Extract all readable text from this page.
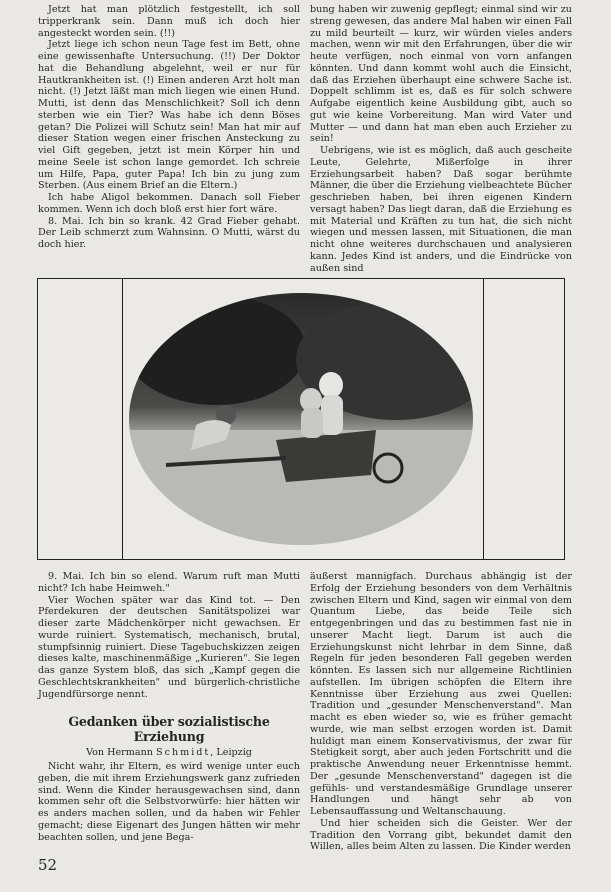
Jetzt hat man plötzlich festgestellt, ich soll tripperkrank sein. Dann muß ich doch hier angesteckt worden sein. (!!)

Jetzt liege ich schon neun Tage fest im Bett, ohne eine gewissenhafte Untersuchung. (!!) Der Doktor hat die Behandlung abgelehnt, weil er nur für Hautkrankheiten ist. (!) Einen anderen Arzt holt man nicht. (!) Jetzt läßt man mich liegen wie einen Hund. Mutti, ist denn das Menschlichkeit? Soll ich denn sterben wie ein Tier? Was habe ich denn Böses getan? Die Polizei will Schutz sein! Man hat mir auf dieser Station wegen einer frischen Ansteckung zu viel Gift gegeben, jetzt ist mein Körper hin und meine Seele ist schon lange gemordet. Ich schreie um Hilfe, Papa, guter Papa! Ich bin zu jung zum Sterben. (Aus einem Brief an die Eltern.)

Ich habe Aligol bekommen. Danach soll Fieber kommen. Wenn ich doch bloß erst hier fort wäre.

8. Mai. Ich bin so krank. 42 Grad Fieber gehabt. Der Leib schmerzt zum Wahnsinn. O Mutti, wärst du doch hier.

bung haben wir zuwenig gepflegt; einmal sind wir zu streng gewesen, das andere Mal haben wir einen Fall zu mild beurteilt — kurz, wir würden vieles anders machen, wenn wir mit den Erfahrungen, über die wir heute verfügen, noch einmal von vorn anfangen könnten. Und dann kommt wohl auch die Einsicht, daß das Erziehen überhaupt eine schwere Sache ist. Doppelt schlimm ist es, daß es für solch schwere Aufgabe eigentlich keine Ausbildung gibt, auch so gut wie keine Vorbereitung. Man wird Vater und Mutter — und dann hat man eben auch Erzieher zu sein!

Uebrigens, wie ist es möglich, daß auch gescheite Leute, Gelehrte, Mißerfolge in ihrer Erziehungsarbeit haben? Daß sogar berühmte Männer, die über die Erziehung vielbeachtete Bücher geschrieben haben, bei ihren eigenen Kindern versagt haben? Das liegt daran, daß die Erziehung es mit Material und Kräften zu tun hat, die sich nicht wiegen und messen lassen, mit Situationen, die man nicht ohne weiteres durchschauen und analysieren kann. Jedes Kind ist anders, und die Eindrücke von außen sind

9. Mai. Ich bin so elend. Warum ruft man Mutti nicht? Ich habe Heimweh."

Vier Wochen später war das Kind tot. — Den Pferdekuren der deutschen Sanitätspolizei war dieser zarte Mädchenkörper nicht gewachsen. Er wurde ruiniert. Systematisch, mechanisch, brutal, stumpfsinnig ruiniert. Diese Tagebuchskizzen zeigen dieses kalte, maschinenmäßige „Kurieren". Sie legen das ganze System bloß, das sich „Kampf gegen die Geschlechtskrankheiten" und bürgerlich-christliche Jugendfürsorge nennt.

Gedanken über sozialistische Erziehung

Von Hermann Schmidt, Leipzig

Nicht wahr, ihr Eltern, es wird wenige unter euch geben, die mit ihrem Erziehungswerk ganz zufrieden sind. Wenn die Kinder herausgewachsen sind, dann kommen sehr oft die Selbstvorwürfe: hier hätten wir es anders machen sollen, und da haben wir Fehler gemacht; diese Eigenart des Jungen hätten wir mehr beachten sollen, und jene Bega-

äußerst mannigfach. Durchaus abhängig ist der Erfolg der Erziehung besonders von dem Verhältnis zwischen Eltern und Kind, sagen wir einmal von dem Quantum Liebe, das beide Teile sich entgegenbringen und das zu bestimmen fast nie in unserer Macht liegt. Darum ist auch die Erziehungskunst nicht lehrbar in dem Sinne, daß Regeln für jeden besonderen Fall gegeben werden könnten. Es lassen sich nur allgemeine Richtlinien aufstellen. Im übrigen schöpfen die Eltern ihre Kenntnisse über Erziehung aus zwei Quellen: Tradition und „gesunder Menschenverstand". Man macht es eben wieder so, wie es früher gemacht wurde, wie man selbst erzogen worden ist. Damit huldigt man einem Konservativismus, der zwar für Stetigkeit sorgt, aber auch jeden Fortschritt und die praktische Anwendung neuer Erkenntnisse hemmt. Der „gesunde Menschenverstand" dagegen ist die gefühls- und verstandesmäßige Grundlage unserer Handlungen und hängt sehr ab von Lebensauffassung und Weltanschauung.

Und hier scheiden sich die Geister. Wer der Tradition den Vorrang gibt, bekundet damit den Willen, alles beim Alten zu lassen. Die Kinder werden

52
